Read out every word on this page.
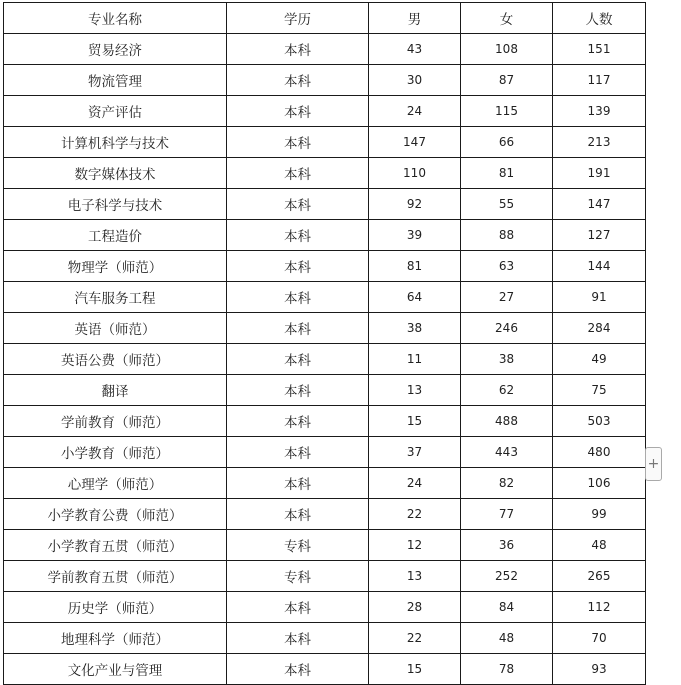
专业名称	学历	男	女	人数
贸易经济	本科	43	108	151
物流管理	本科	30	87	117
资产评估	本科	24	115	139
计算机科学与技术	本科	147	66	213
数字媒体技术	本科	110	81	191
电子科学与技术	本科	92	55	147
工程造价	本科	39	88	127
物理学（师范）	本科	81	63	144
汽车服务工程	本科	64	27	91
英语（师范）	本科	38	246	284
英语公费（师范）	本科	11	38	49
翻译	本科	13	62	75
学前教育（师范）	本科	15	488	503
小学教育（师范）	本科	37	443	480
心理学（师范）	本科	24	82	106
小学教育公费（师范）	本科	22	77	99
小学教育五贯（师范）	专科	12	36	48
学前教育五贯（师范）	专科	13	252	265
历史学（师范）	本科	28	84	112
地理科学（师范）	本科	22	48	70
文化产业与管理	本科	15	78	93
+
